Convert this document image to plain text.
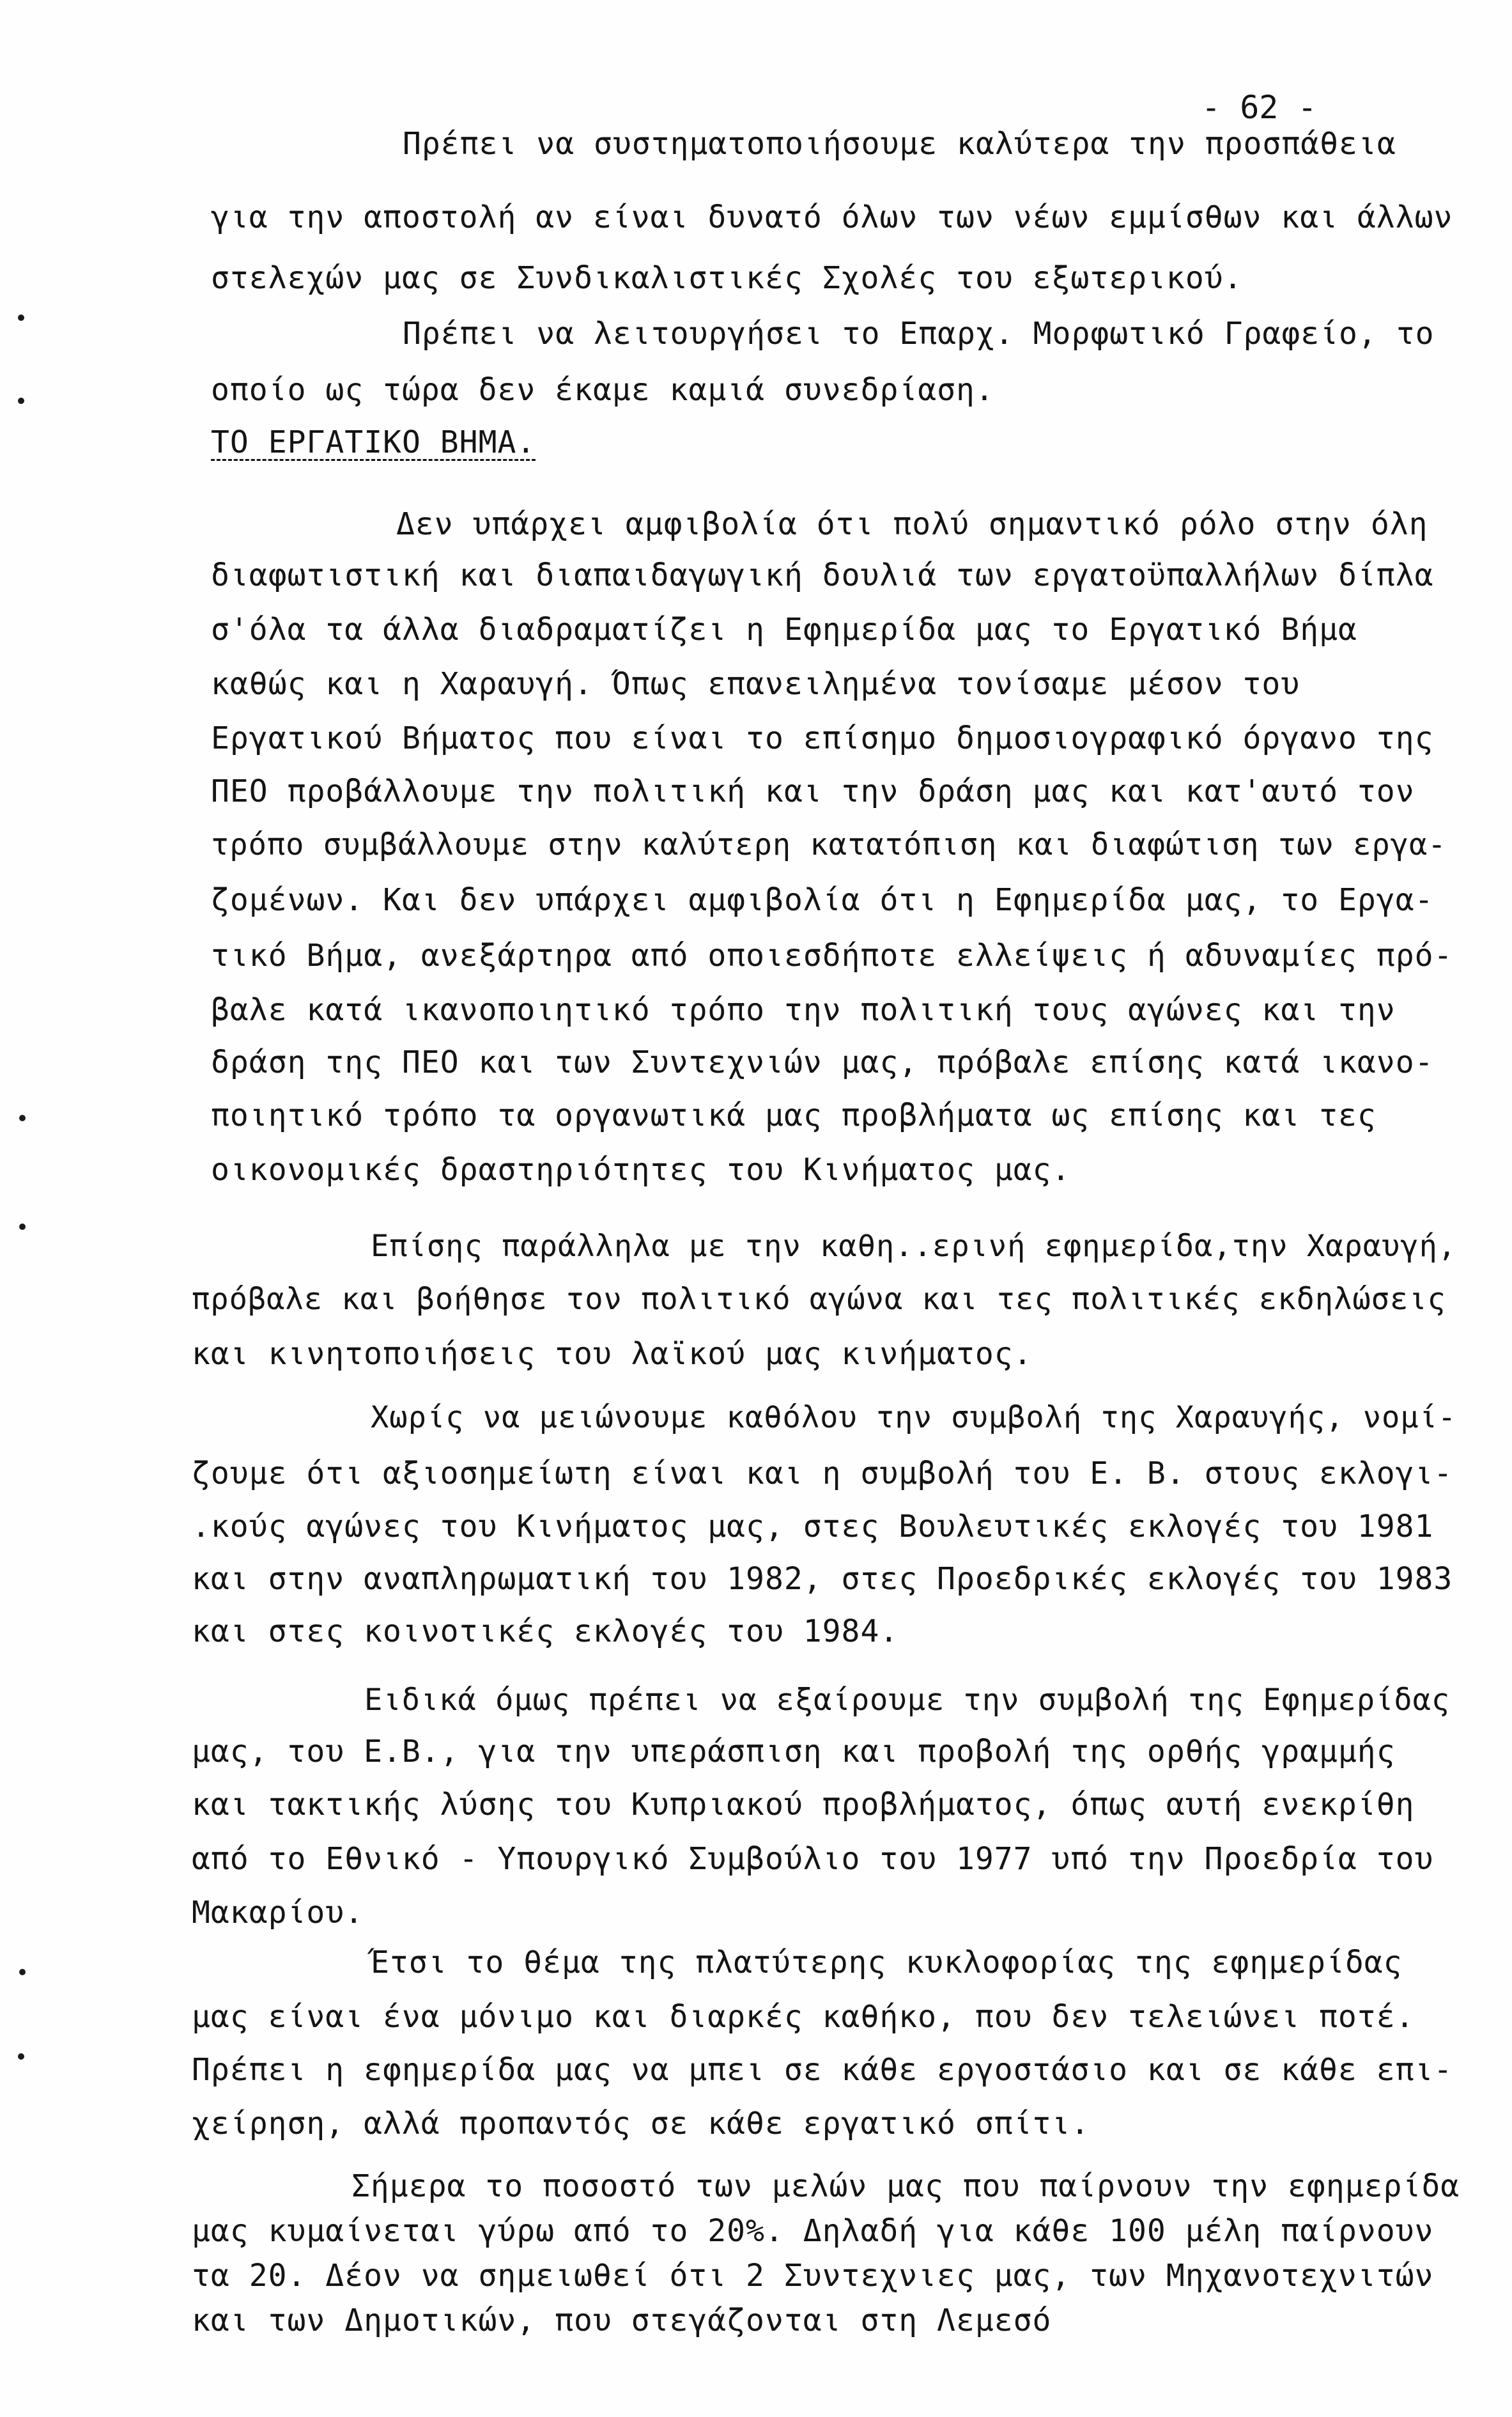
- 62 -
Πρέπει να συστηματοποιήσουμε καλύτερα την προσπάθεια
για την αποστολή αν είναι δυνατό όλων των νέων εμμίσθων και άλλων
στελεχών μας σε Συνδικαλιστικές Σχολές του εξωτερικού.
Πρέπει να λειτουργήσει το Επαρχ. Μορφωτικό Γραφείο, το
οποίο ως τώρα δεν έκαμε καμιά συνεδρίαση.
ΤΟ ΕΡΓΑΤΙΚΟ ΒΗΜΑ.
Δεν υπάρχει αμφιβολία ότι πολύ σημαντικό ρόλο στην όλη
διαφωτιστική και διαπαιδαγωγική δουλιά των εργατοϋπαλλήλων δίπλα
σ'όλα τα άλλα διαδραματίζει η Εφημερίδα μας το Εργατικό Βήμα
καθώς και η Χαραυγή. Όπως επανειλημένα τονίσαμε μέσον του
Εργατικού Βήματος που είναι το επίσημο δημοσιογραφικό όργανο της
ΠΕΟ προβάλλουμε την πολιτική και την δράση μας και κατ'αυτό τον
τρόπο συμβάλλουμε στην καλύτερη κατατόπιση και διαφώτιση των εργα-
ζομένων. Και δεν υπάρχει αμφιβολία ότι η Εφημερίδα μας, το Εργα-
τικό Βήμα, ανεξάρτηρα από οποιεσδήποτε ελλείψεις ή αδυναμίες πρό-
βαλε κατά ικανοποιητικό τρόπο την πολιτική τους αγώνες και την
δράση της ΠΕΟ και των Συντεχνιών μας, πρόβαλε επίσης κατά ικανο-
ποιητικό τρόπο τα οργανωτικά μας προβλήματα ως επίσης και τες
οικονομικές δραστηριότητες του Κινήματος μας.
Επίσης παράλληλα με την καθη..ερινή εφημερίδα,την Χαραυγή,
πρόβαλε και βοήθησε τον πολιτικό αγώνα και τες πολιτικές εκδηλώσεις
και κινητοποιήσεις του λαϊκού μας κινήματος.
Χωρίς να μειώνουμε καθόλου την συμβολή της Χαραυγής, νομί-
ζουμε ότι αξιοσημείωτη είναι και η συμβολή του Ε. Β. στους εκλογι-
.κούς αγώνες του Κινήματος μας, στες Βουλευτικές εκλογές του 1981
και στην αναπληρωματική του 1982, στες Προεδρικές εκλογές του 1983
και στες κοινοτικές εκλογές του 1984.
Ειδικά όμως πρέπει να εξαίρουμε την συμβολή της Εφημερίδας
μας, του Ε.Β., για την υπεράσπιση και προβολή της ορθής γραμμής
και τακτικής λύσης του Κυπριακού προβλήματος, όπως αυτή ενεκρίθη
από το Εθνικό - Υπουργικό Συμβούλιο του 1977 υπό την Προεδρία του
Μακαρίου.
Έτσι το θέμα της πλατύτερης κυκλοφορίας της εφημερίδας
μας είναι ένα μόνιμο και διαρκές καθήκο, που δεν τελειώνει ποτέ.
Πρέπει η εφημερίδα μας να μπει σε κάθε εργοστάσιο και σε κάθε επι-
χείρηση, αλλά προπαντός σε κάθε εργατικό σπίτι.
Σήμερα το ποσοστό των μελών μας που παίρνουν την εφημερίδα
μας κυμαίνεται γύρω από το 20%. Δηλαδή για κάθε 100 μέλη παίρνουν
τα 20. Δέον να σημειωθεί ότι 2 Συντεχνιες μας, των Μηχανοτεχνιτών
και των Δημοτικών, που στεγάζονται στη Λεμεσό
